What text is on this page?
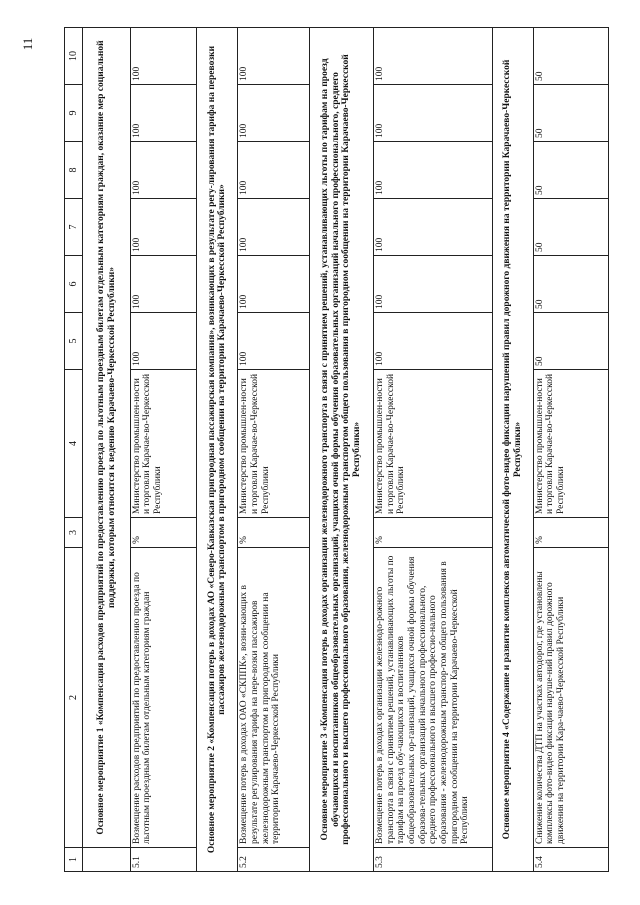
11
1	2	3	4	5	6	7	8	9	10
	Основное мероприятие 1 «Компенсация расходов предприятий по предоставлению проезда по льготным проездным билетам отдельным категориям граждан, оказание мер социальной поддержки, которым относится к ведению Карачаево-Черкесской Республики»								
5.1	Возмещение расходов предприятий по предоставлению проезда по льготным проездным билетам отдельным категориям граждан	%	Министерство промышлен-ности и торговли Карачае-во-Черкесской Республики	100	100	100	100	100	100
Основное мероприятие 2 «Компенсация потерь в доходах АО «Северо-Кавказская пригородная пассажирская компания», возникающих в результате регу-лирования тарифа на перевозки пассажиров железнодорожным транспортом в пригородном сообщении на территории Карачаево-Черкесской Республики»									
5.2	Возмещение потерь в доходах ОАО «СКППК», возни-кающих в результате регулирования тарифа на пере-возки пассажиров железнодорожным транспортом в пригородном сообщении на территории Карачаево-Черкесской Республики	%	Министерство промышлен-ности и торговли Карачае-во-Черкесской Республики	100	100	100	100	100	100
Основное мероприятие 3 «Компенсация потерь в доходах организации железнодорожного транспорта в связи с принятием решений, устанавливающих льготы по тарифам на проезд обучающихся и воспитанников общеобразовательных организаций, учащихся очной формы обучения образовательных организаций начального профессионального, среднего профессионального и высшего профессионального образования, железнодорожным транспортом общего пользования в пригородном сообщении на территории Карачаево-Черкесской Республики»									
5.3	Возмещение потерь в доходах организации железнодо-рожного транспорта в связи с принятием решений, устанавливающих льготы по тарифам на проезд обу-чающихся и воспитанников общеобразовательных ор-ганизаций, учащихся очной формы обучения образова-тельных организаций начального профессионального, среднего профессионального и высшего профессио-нального образования - железнодорожным транспор-том общего пользования в пригородном сообщении на территории Карачаево-Черкесской Республики	%	Министерство промышлен-ности и торговли Карачае-во-Черкесской Республики	100	100	100	100	100	100
Основное мероприятие 4 «Содержание и развитие комплексов автоматической фото-видео фиксации нарушений правил дорожного движения на территории Карачаево-Черкесской Республики»									
5.4	Снижение количества ДТП на участках автодорог, где установлены комплексы фото-видео фиксации наруше-ний правил дорожного движения на территории Кара-чаево-Черкесской Республики	%	Министерство промышлен-ности и торговли Карачае-во-Черкесской Республики	50	50	50	50	50	50
